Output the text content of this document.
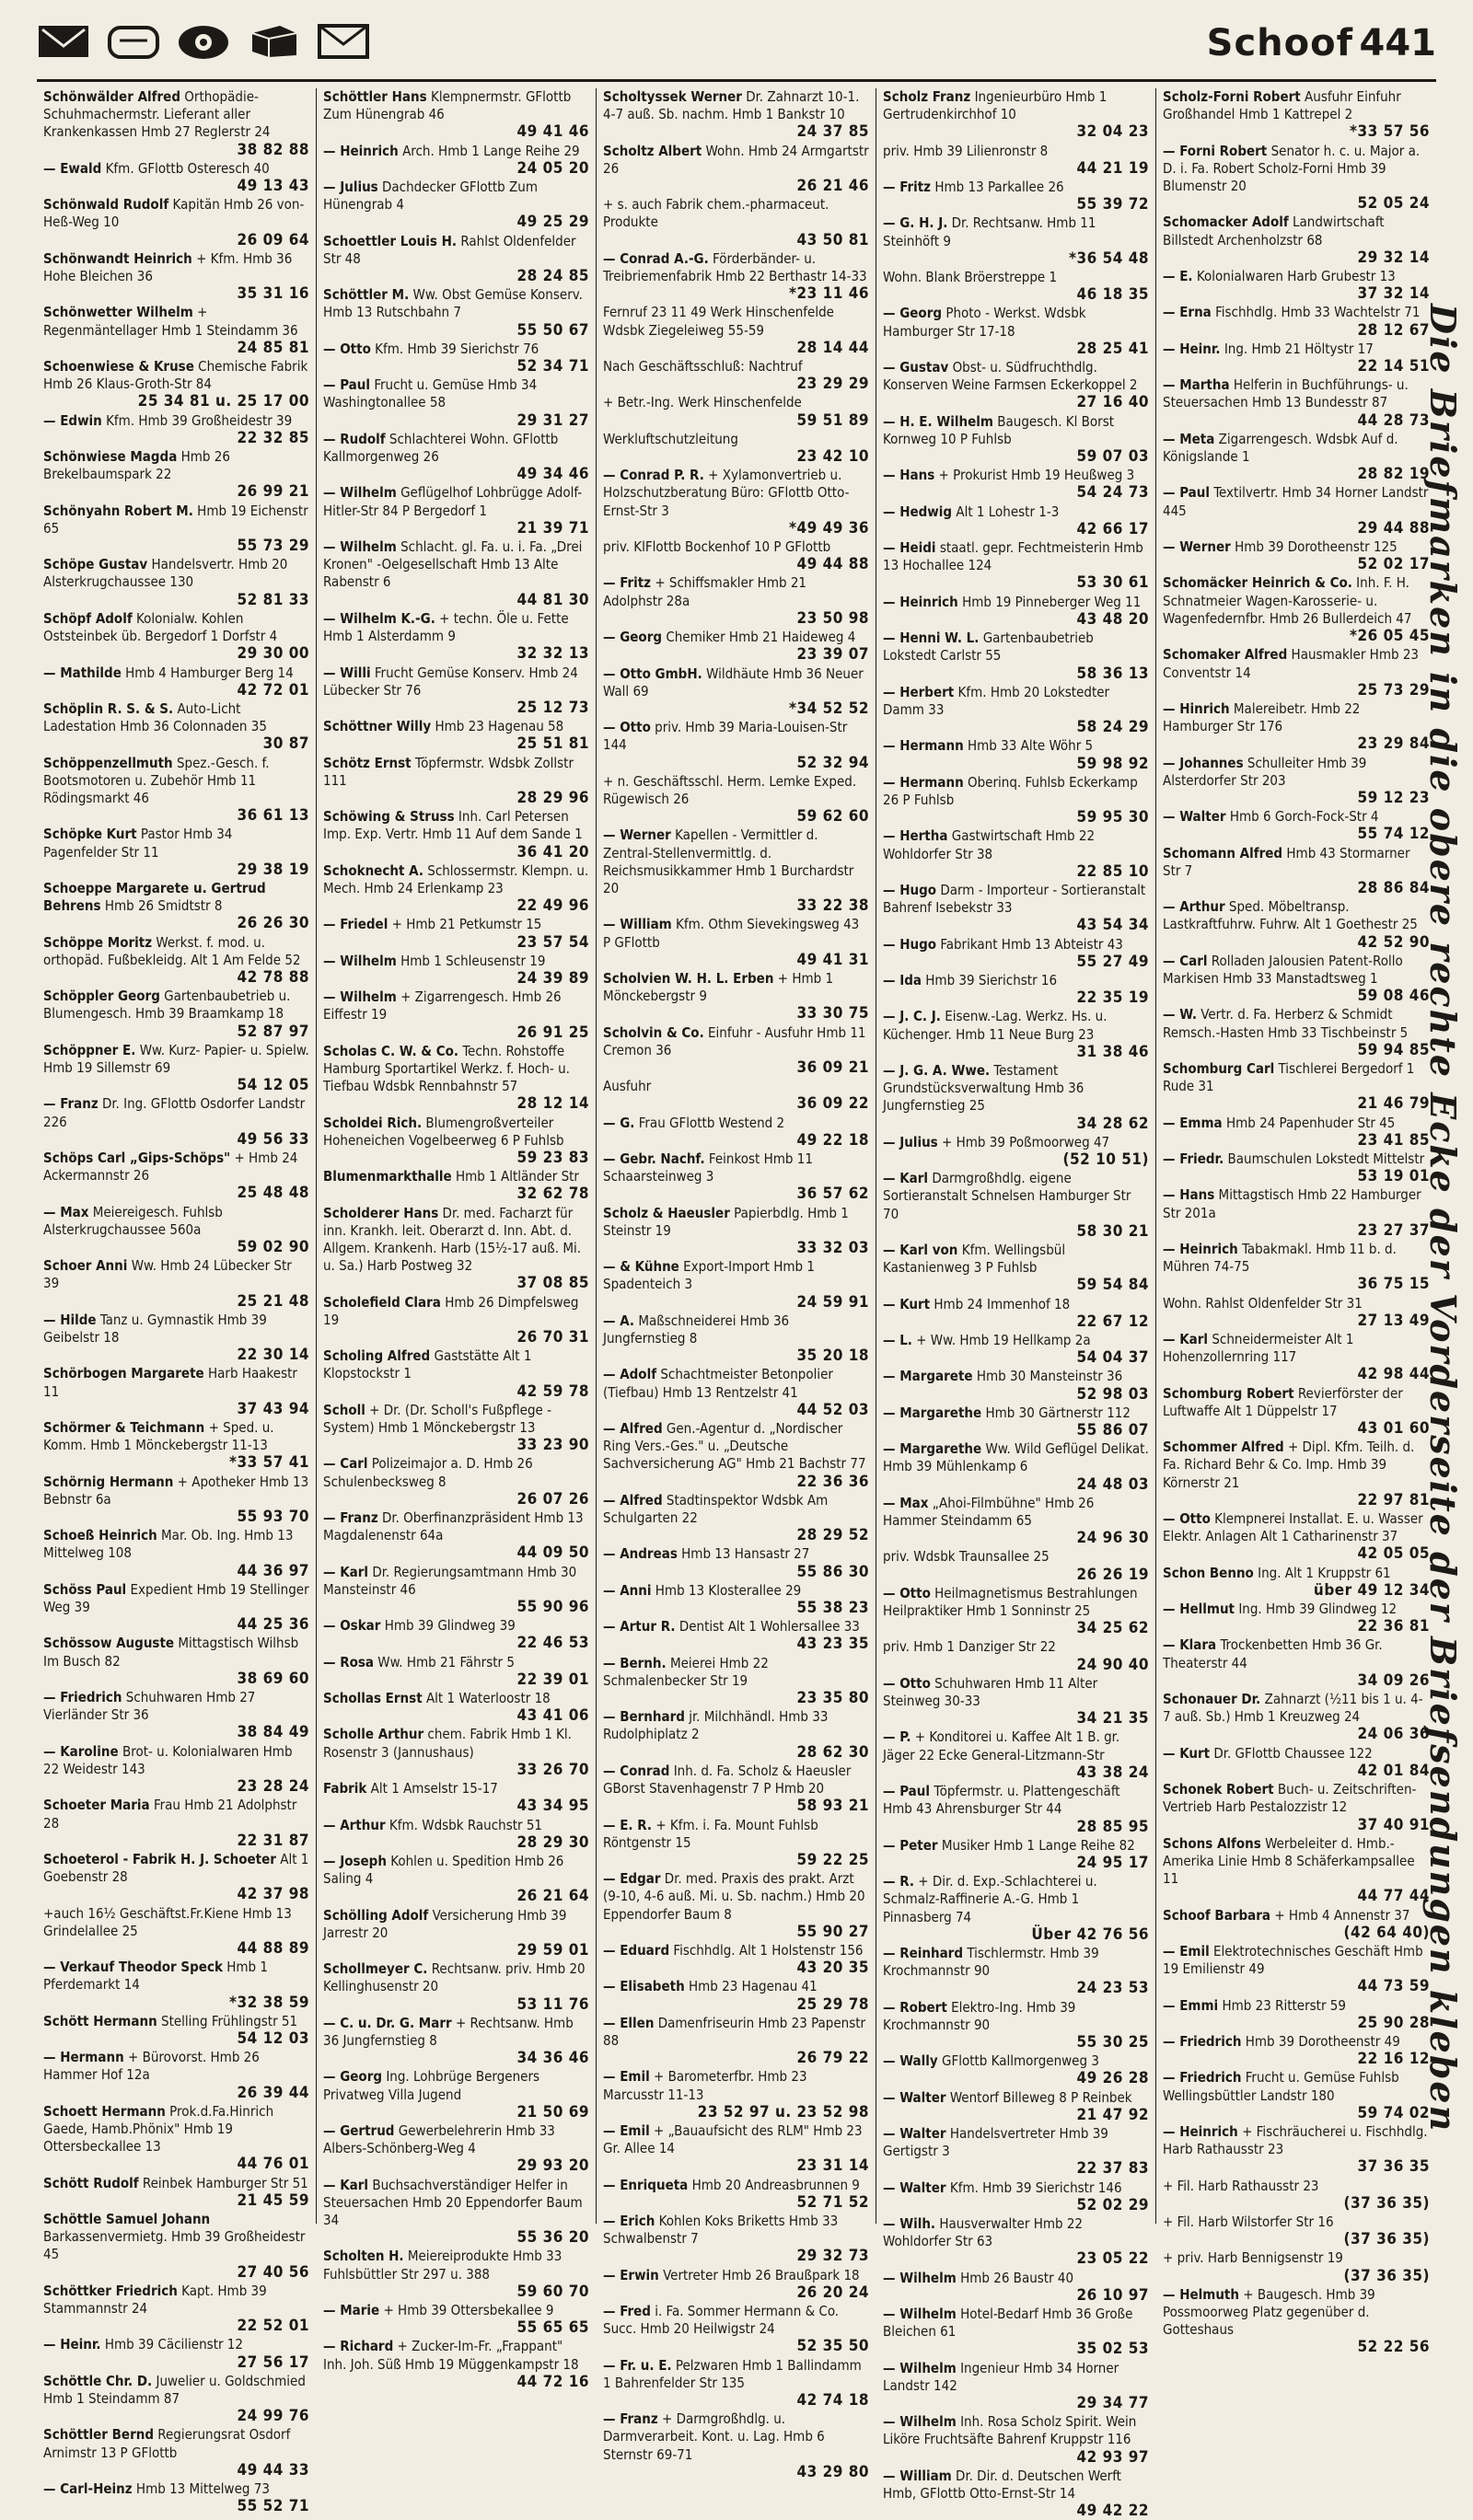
Schoof 441
Schönwälder Alfred Orthopädie-Schuhmachermstr. Lieferant aller Krankenkassen Hmb 27 Reglerstr 24
38 82 88
— Ewald Kfm. GFlottb Osteresch 40
49 13 43
Schönwald Rudolf Kapitän Hmb 26 von-Heß-Weg 10
26 09 64
Schönwandt Heinrich + Kfm. Hmb 36 Hohe Bleichen 36
35 31 16
Schönwetter Wilhelm + Regenmäntellager Hmb 1 Steindamm 36
24 85 81
Schoenwiese & Kruse Chemische Fabrik Hmb 26 Klaus-Groth-Str 84
25 34 81 u. 25 17 00
— Edwin Kfm. Hmb 39 Großheidestr 39
22 32 85
Schönwiese Magda Hmb 26 Brekelbaumspark 22
26 99 21
Schönyahn Robert M. Hmb 19 Eichenstr 65
55 73 29
Schöpe Gustav Handelsvertr. Hmb 20 Alsterkrugchaussee 130
52 81 33
Schöpf Adolf Kolonialw. Kohlen Oststeinbek üb. Bergedorf 1 Dorfstr 4
29 30 00
— Mathilde Hmb 4 Hamburger Berg 14
42 72 01
Schöplin R. S. & S. Auto-Licht Ladestation Hmb 36 Colonnaden 35
30 87
Schöppenzellmuth Spez.-Gesch. f. Bootsmotoren u. Zubehör Hmb 11 Rödingsmarkt 46
36 61 13
Schöpke Kurt Pastor Hmb 34 Pagenfelder Str 11
29 38 19
Schoeppe Margarete u. Gertrud Behrens Hmb 26 Smidtstr 8
26 26 30
Schöppe Moritz Werkst. f. mod. u. orthopäd. Fußbekleidg. Alt 1 Am Felde 52
42 78 88
Schöppler Georg Gartenbaubetrieb u. Blumengesch. Hmb 39 Braamkamp 18
52 87 97
Schöppner E. Ww. Kurz- Papier- u. Spielw. Hmb 19 Sillemstr 69
54 12 05
— Franz Dr. Ing. GFlottb Osdorfer Landstr 226
49 56 33
Schöps Carl „Gips-Schöps" + Hmb 24 Ackermannstr 26
25 48 48
— Max Meiereigesch. Fuhlsb Alsterkrugchaussee 560a
59 02 90
Schoer Anni Ww. Hmb 24 Lübecker Str 39
25 21 48
— Hilde Tanz u. Gymnastik Hmb 39 Geibelstr 18
22 30 14
Schörbogen Margarete Harb Haakestr 11
37 43 94
Schörmer & Teichmann + Sped. u. Komm. Hmb 1 Mönckebergstr 11-13
*33 57 41
Schörnig Hermann + Apotheker Hmb 13 Bebnstr 6a
55 93 70
Schoeß Heinrich Mar. Ob. Ing. Hmb 13 Mittelweg 108
44 36 97
Schöss Paul Expedient Hmb 19 Stellinger Weg 39
44 25 36
Schössow Auguste Mittagstisch Wilhsb Im Busch 82
38 69 60
— Friedrich Schuhwaren Hmb 27 Vierländer Str 36
38 84 49
— Karoline Brot- u. Kolonialwaren Hmb 22 Weidestr 143
23 28 24
Schoeter Maria Frau Hmb 21 Adolphstr 28
22 31 87
Schoeterol - Fabrik H. J. Schoeter Alt 1 Goebenstr 28
42 37 98
+auch 16½ Geschäftst.Fr.Kiene Hmb 13 Grindelallee 25
44 88 89
— Verkauf Theodor Speck Hmb 1 Pferdemarkt 14
*32 38 59
Schött Hermann Stelling Frühlingstr 51
54 12 03
— Hermann + Bürovorst. Hmb 26 Hammer Hof 12a
26 39 44
Schoett Hermann Prok.d.Fa.Hinrich Gaede, Hamb.Phönix" Hmb 19 Ottersbeckallee 13
44 76 01
Schött Rudolf Reinbek Hamburger Str 51
21 45 59
Schöttle Samuel Johann Barkassenvermietg. Hmb 39 Großheidestr 45
27 40 56
Schöttker Friedrich Kapt. Hmb 39 Stammannstr 24
22 52 01
— Heinr. Hmb 39 Cäcilienstr 12
27 56 17
Schöttle Chr. D. Juwelier u. Goldschmied Hmb 1 Steindamm 87
24 99 76
Schöttler Bernd Regierungsrat Osdorf Arnimstr 13 P GFlottb
49 44 33
— Carl-Heinz Hmb 13 Mittelweg 73
55 52 71
Schöttler Hans Klempnermstr. GFlottb Zum Hünengrab 46
49 41 46
— Heinrich Arch. Hmb 1 Lange Reihe 29
24 05 20
— Julius Dachdecker GFlottb Zum Hünengrab 4
49 25 29
Schoettler Louis H. Rahlst Oldenfelder Str 48
28 24 85
Schöttler M. Ww. Obst Gemüse Konserv. Hmb 13 Rutschbahn 7
55 50 67
— Otto Kfm. Hmb 39 Sierichstr 76
52 34 71
— Paul Frucht u. Gemüse Hmb 34 Washingtonallee 58
29 31 27
— Rudolf Schlachterei Wohn. GFlottb Kallmorgenweg 26
49 34 46
— Wilhelm Geflügelhof Lohbrügge Adolf-Hitler-Str 84 P Bergedorf 1
21 39 71
— Wilhelm Schlacht. gl. Fa. u. i. Fa. „Drei Kronen" -Oelgesellschaft Hmb 13 Alte Rabenstr 6
44 81 30
— Wilhelm K.-G. + techn. Öle u. Fette Hmb 1 Alsterdamm 9
32 32 13
— Willi Frucht Gemüse Konserv. Hmb 24 Lübecker Str 76
25 12 73
Schöttner Willy Hmb 23 Hagenau 58
25 51 81
Schötz Ernst Töpfermstr. Wdsbk Zollstr 111
28 29 96
Schöwing & Struss Inh. Carl Petersen Imp. Exp. Vertr. Hmb 11 Auf dem Sande 1
36 41 20
Schoknecht A. Schlossermstr. Klempn. u. Mech. Hmb 24 Erlenkamp 23
22 49 96
— Friedel + Hmb 21 Petkumstr 15
23 57 54
— Wilhelm Hmb 1 Schleusenstr 19
24 39 89
— Wilhelm + Zigarrengesch. Hmb 26 Eiffestr 19
26 91 25
Scholas C. W. & Co. Techn. Rohstoffe Hamburg Sportartikel Werkz. f. Hoch- u. Tiefbau Wdsbk Rennbahnstr 57
28 12 14
Scholdei Rich. Blumengroßverteiler Hoheneichen Vogelbeerweg 6 P Fuhlsb
59 23 83
Blumenmarkthalle Hmb 1 Altländer Str
32 62 78
Scholderer Hans Dr. med. Facharzt für inn. Krankh. leit. Oberarzt d. Inn. Abt. d. Allgem. Krankenh. Harb (15½-17 auß. Mi. u. Sa.) Harb Postweg 32
37 08 85
Scholefield Clara Hmb 26 Dimpfelsweg 19
26 70 31
Scholing Alfred Gaststätte Alt 1 Klopstockstr 1
42 59 78
Scholl + Dr. (Dr. Scholl's Fußpflege - System) Hmb 1 Mönckebergstr 13
33 23 90
— Carl Polizeimajor a. D. Hmb 26 Schulenbecksweg 8
26 07 26
— Franz Dr. Oberfinanzpräsident Hmb 13 Magdalenenstr 64a
44 09 50
— Karl Dr. Regierungsamtmann Hmb 30 Mansteinstr 46
55 90 96
— Oskar Hmb 39 Glindweg 39
22 46 53
— Rosa Ww. Hmb 21 Fährstr 5
22 39 01
Schollas Ernst Alt 1 Waterloostr 18
43 41 06
Scholle Arthur chem. Fabrik Hmb 1 Kl. Rosenstr 3 (Jannushaus)
33 26 70
Fabrik Alt 1 Amselstr 15-17
43 34 95
— Arthur Kfm. Wdsbk Rauchstr 51
28 29 30
— Joseph Kohlen u. Spedition Hmb 26 Saling 4
26 21 64
Schölling Adolf Versicherung Hmb 39 Jarrestr 20
29 59 01
Schollmeyer C. Rechtsanw. priv. Hmb 20 Kellinghusenstr 20
53 11 76
— C. u. Dr. G. Marr + Rechtsanw. Hmb 36 Jungfernstieg 8
34 36 46
— Georg Ing. Lohbrüge Bergeners Privatweg Villa Jugend
21 50 69
— Gertrud Gewerbelehrerin Hmb 33 Albers-Schönberg-Weg 4
29 93 20
— Karl Buchsachverständiger Helfer in Steuersachen Hmb 20 Eppendorfer Baum 34
55 36 20
Scholten H. Meiereiprodukte Hmb 33 Fuhlsbüttler Str 297 u. 388
59 60 70
— Marie + Hmb 39 Ottersbekallee 9
55 65 65
— Richard + Zucker-Im-Fr. „Frappant" Inh. Joh. Süß Hmb 19 Müggenkampstr 18
44 72 16
Scholtyssek Werner Dr. Zahnarzt 10-1. 4-7 auß. Sb. nachm. Hmb 1 Bankstr 10
24 37 85
Scholtz Albert Wohn. Hmb 24 Armgartstr 26
26 21 46
+ s. auch Fabrik chem.-pharmaceut. Produkte
43 50 81
— Conrad A.-G. Förderbänder- u. Treibriemenfabrik Hmb 22 Berthastr 14-33
*23 11 46
Fernruf 23 11 49 Werk Hinschenfelde Wdsbk Ziegeleiweg 55-59
28 14 44
Nach Geschäftsschluß: Nachtruf
23 29 29
+ Betr.-Ing. Werk Hinschenfelde
59 51 89
Werkluftschutzleitung
23 42 10
— Conrad P. R. + Xylamonvertrieb u. Holzschutzberatung Büro: GFlottb Otto-Ernst-Str 3
*49 49 36
priv. KlFlottb Bockenhof 10 P GFlottb
49 44 88
— Fritz + Schiffsmakler Hmb 21 Adolphstr 28a
23 50 98
— Georg Chemiker Hmb 21 Haideweg 4
23 39 07
— Otto GmbH. Wildhäute Hmb 36 Neuer Wall 69
*34 52 52
— Otto priv. Hmb 39 Maria-Louisen-Str 144
52 32 94
+ n. Geschäftsschl. Herm. Lemke Exped. Rügewisch 26
59 62 60
— Werner Kapellen - Vermittler d. Zentral-Stellenvermittlg. d. Reichsmusikkammer Hmb 1 Burchardstr 20
33 22 38
— William Kfm. Othm Sievekingsweg 43 P GFlottb
49 41 31
Scholvien W. H. L. Erben + Hmb 1 Mönckebergstr 9
33 30 75
Scholvin & Co. Einfuhr - Ausfuhr Hmb 11 Cremon 36
36 09 21
Ausfuhr
36 09 22
— G. Frau GFlottb Westend 2
49 22 18
— Gebr. Nachf. Feinkost Hmb 11 Schaarsteinweg 3
36 57 62
Scholz & Haeusler Papierbdlg. Hmb 1 Steinstr 19
33 32 03
— & Kühne Export-Import Hmb 1 Spadenteich 3
24 59 91
— A. Maßschneiderei Hmb 36 Jungfernstieg 8
35 20 18
— Adolf Schachtmeister Betonpolier (Tiefbau) Hmb 13 Rentzelstr 41
44 52 03
— Alfred Gen.-Agentur d. „Nordischer Ring Vers.-Ges." u. „Deutsche Sachversicherung AG" Hmb 21 Bachstr 77
22 36 36
— Alfred Stadtinspektor Wdsbk Am Schulgarten 22
28 29 52
— Andreas Hmb 13 Hansastr 27
55 86 30
— Anni Hmb 13 Klosterallee 29
55 38 23
— Artur R. Dentist Alt 1 Wohlersallee 33
43 23 35
— Bernh. Meierei Hmb 22 Schmalenbecker Str 19
23 35 80
— Bernhard jr. Milchhändl. Hmb 33 Rudolphiplatz 2
28 62 30
— Conrad Inh. d. Fa. Scholz & Haeusler GBorst Stavenhagenstr 7 P Hmb 20
58 93 21
— E. R. + Kfm. i. Fa. Mount Fuhlsb Röntgenstr 15
59 22 25
— Edgar Dr. med. Praxis des prakt. Arzt (9-10, 4-6 auß. Mi. u. Sb. nachm.) Hmb 20 Eppendorfer Baum 8
55 90 27
— Eduard Fischhdlg. Alt 1 Holstenstr 156
43 20 35
— Elisabeth Hmb 23 Hagenau 41
25 29 78
— Ellen Damenfriseurin Hmb 23 Papenstr 88
26 79 22
— Emil + Barometerfbr. Hmb 23 Marcusstr 11-13
23 52 97 u. 23 52 98
— Emil + „Bauaufsicht des RLM" Hmb 23 Gr. Allee 14
23 31 14
— Enriqueta Hmb 20 Andreasbrunnen 9
52 71 52
— Erich Kohlen Koks Briketts Hmb 33 Schwalbenstr 7
29 32 73
— Erwin Vertreter Hmb 26 Braußpark 18
26 20 24
— Fred i. Fa. Sommer Hermann & Co. Succ. Hmb 20 Heilwigstr 24
52 35 50
— Fr. u. E. Pelzwaren Hmb 1 Ballindamm 1 Bahrenfelder Str 135
42 74 18
— Franz + Darmgroßhdlg. u. Darmverarbeit. Kont. u. Lag. Hmb 6 Sternstr 69-71
43 29 80
Scholz Franz Ingenieurbüro Hmb 1 Gertrudenkirchhof 10
32 04 23
priv. Hmb 39 Lilienronstr 8
44 21 19
— Fritz Hmb 13 Parkallee 26
55 39 72
— G. H. J. Dr. Rechtsanw. Hmb 11 Steinhöft 9
*36 54 48
Wohn. Blank Bröerstreppe 1
46 18 35
— Georg Photo - Werkst. Wdsbk Hamburger Str 17-18
28 25 41
— Gustav Obst- u. Südfruchthdlg. Konserven Weine Farmsen Eckerkoppel 2
27 16 40
— H. E. Wilhelm Baugesch. Kl Borst Kornweg 10 P Fuhlsb
59 07 03
— Hans + Prokurist Hmb 19 Heußweg 3
54 24 73
— Hedwig Alt 1 Lohestr 1-3
42 66 17
— Heidi staatl. gepr. Fechtmeisterin Hmb 13 Hochallee 124
53 30 61
— Heinrich Hmb 19 Pinneberger Weg 11
43 48 20
— Henni W. L. Gartenbaubetrieb Lokstedt Carlstr 55
58 36 13
— Herbert Kfm. Hmb 20 Lokstedter Damm 33
58 24 29
— Hermann Hmb 33 Alte Wöhr 5
59 98 92
— Hermann Oberinq. Fuhlsb Eckerkamp 26 P Fuhlsb
59 95 30
— Hertha Gastwirtschaft Hmb 22 Wohldorfer Str 38
22 85 10
— Hugo Darm - Importeur - Sortieranstalt Bahrenf Isebekstr 33
43 54 34
— Hugo Fabrikant Hmb 13 Abteistr 43
55 27 49
— Ida Hmb 39 Sierichstr 16
22 35 19
— J. C. J. Eisenw.-Lag. Werkz. Hs. u. Küchenger. Hmb 11 Neue Burg 23
31 38 46
— J. G. A. Wwe. Testament Grundstücksverwaltung Hmb 36 Jungfernstieg 25
34 28 62
— Julius + Hmb 39 Poßmoorweg 47
(52 10 51)
— Karl Darmgroßhdlg. eigene Sortieranstalt Schnelsen Hamburger Str 70
58 30 21
— Karl von Kfm. Wellingsbül Kastanienweg 3 P Fuhlsb
59 54 84
— Kurt Hmb 24 Immenhof 18
22 67 12
— L. + Ww. Hmb 19 Hellkamp 2a
54 04 37
— Margarete Hmb 30 Mansteinstr 36
52 98 03
— Margarethe Hmb 30 Gärtnerstr 112
55 86 07
— Margarethe Ww. Wild Geflügel Delikat. Hmb 39 Mühlenkamp 6
24 48 03
— Max „Ahoi-Filmbühne" Hmb 26 Hammer Steindamm 65
24 96 30
priv. Wdsbk Traunsallee 25
26 26 19
— Otto Heilmagnetismus Bestrahlungen Heilpraktiker Hmb 1 Sonninstr 25
34 25 62
priv. Hmb 1 Danziger Str 22
24 90 40
— Otto Schuhwaren Hmb 11 Alter Steinweg 30-33
34 21 35
— P. + Konditorei u. Kaffee Alt 1 B. gr. Jäger 22 Ecke General-Litzmann-Str
43 38 24
— Paul Töpfermstr. u. Plattengeschäft Hmb 43 Ahrensburger Str 44
28 85 95
— Peter Musiker Hmb 1 Lange Reihe 82
24 95 17
— R. + Dir. d. Exp.-Schlachterei u. Schmalz-Raffinerie A.-G. Hmb 1 Pinnasberg 74
Über 42 76 56
— Reinhard Tischlermstr. Hmb 39 Krochmannstr 90
24 23 53
— Robert Elektro-Ing. Hmb 39 Krochmannstr 90
55 30 25
— Wally GFlottb Kallmorgenweg 3
49 26 28
— Walter Wentorf Billeweg 8 P Reinbek
21 47 92
— Walter Handelsvertreter Hmb 39 Gertigstr 3
22 37 83
— Walter Kfm. Hmb 39 Sierichstr 146
52 02 29
— Wilh. Hausverwalter Hmb 22 Wohldorfer Str 63
23 05 22
— Wilhelm Hmb 26 Baustr 40
26 10 97
— Wilhelm Hotel-Bedarf Hmb 36 Große Bleichen 61
35 02 53
— Wilhelm Ingenieur Hmb 34 Horner Landstr 142
29 34 77
— Wilhelm Inh. Rosa Scholz Spirit. Wein Liköre Fruchtsäfte Bahrenf Kruppstr 116
42 93 97
— William Dr. Dir. d. Deutschen Werft Hmb, GFlottb Otto-Ernst-Str 14
49 42 22
Scholz-Forni Robert Ausfuhr Einfuhr Großhandel Hmb 1 Kattrepel 2
*33 57 56
— Forni Robert Senator h. c. u. Major a. D. i. Fa. Robert Scholz-Forni Hmb 39 Blumenstr 20
52 05 24
Schomacker Adolf Landwirtschaft Billstedt Archenholzstr 68
29 32 14
— E. Kolonialwaren Harb Grubestr 13
37 32 14
— Erna Fischhdlg. Hmb 33 Wachtelstr 71
28 12 67
— Heinr. Ing. Hmb 21 Höltystr 17
22 14 51
— Martha Helferin in Buchführungs- u. Steuersachen Hmb 13 Bundesstr 87
44 28 73
— Meta Zigarrengesch. Wdsbk Auf d. Königslande 1
28 82 19
— Paul Textilvertr. Hmb 34 Horner Landstr 445
29 44 88
— Werner Hmb 39 Dorotheenstr 125
52 02 17
Schomäcker Heinrich & Co. Inh. F. H. Schnatmeier Wagen-Karosserie- u. Wagenfedernfbr. Hmb 26 Bullerdeich 47
*26 05 45
Schomaker Alfred Hausmakler Hmb 23 Conventstr 14
25 73 29
— Hinrich Malereibetr. Hmb 22 Hamburger Str 176
23 29 84
— Johannes Schulleiter Hmb 39 Alsterdorfer Str 203
59 12 23
— Walter Hmb 6 Gorch-Fock-Str 4
55 74 12
Schomann Alfred Hmb 43 Stormarner Str 7
28 86 84
— Arthur Sped. Möbeltransp. Lastkraftfuhrw. Fuhrw. Alt 1 Goethestr 25
42 52 90
— Carl Rolladen Jalousien Patent-Rollo Markisen Hmb 33 Manstadtsweg 1
59 08 46
— W. Vertr. d. Fa. Herberz & Schmidt Remsch.-Hasten Hmb 33 Tischbeinstr 5
59 94 85
Schomburg Carl Tischlerei Bergedorf 1 Rude 31
21 46 79
— Emma Hmb 24 Papenhuder Str 45
23 41 85
— Friedr. Baumschulen Lokstedt Mittelstr
53 19 01
— Hans Mittagstisch Hmb 22 Hamburger Str 201a
23 27 37
— Heinrich Tabakmakl. Hmb 11 b. d. Mühren 74-75
36 75 15
Wohn. Rahlst Oldenfelder Str 31
27 13 49
— Karl Schneidermeister Alt 1 Hohenzollernring 117
42 98 44
Schomburg Robert Revierförster der Luftwaffe Alt 1 Düppelstr 17
43 01 60
Schommer Alfred + Dipl. Kfm. Teilh. d. Fa. Richard Behr & Co. Imp. Hmb 39 Körnerstr 21
22 97 81
— Otto Klempnerei Installat. E. u. Wasser Elektr. Anlagen Alt 1 Catharinenstr 37
42 05 05
Schon Benno Ing. Alt 1 Kruppstr 61
über 49 12 34
— Hellmut Ing. Hmb 39 Glindweg 12
22 36 81
— Klara Trockenbetten Hmb 36 Gr. Theaterstr 44
34 09 26
Schonauer Dr. Zahnarzt (½11 bis 1 u. 4-7 auß. Sb.) Hmb 1 Kreuzweg 24
24 06 36
— Kurt Dr. GFlottb Chaussee 122
42 01 84
Schonek Robert Buch- u. Zeitschriften-Vertrieb Harb Pestalozzistr 12
37 40 91
Schons Alfons Werbeleiter d. Hmb.-Amerika Linie Hmb 8 Schäferkampsallee 11
44 77 44
Schoof Barbara + Hmb 4 Annenstr 37
(42 64 40)
— Emil Elektrotechnisches Geschäft Hmb 19 Emilienstr 49
44 73 59
— Emmi Hmb 23 Ritterstr 59
25 90 28
— Friedrich Hmb 39 Dorotheenstr 49
22 16 12
— Friedrich Frucht u. Gemüse Fuhlsb Wellingsbüttler Landstr 180
59 74 02
— Heinrich + Fischräucherei u. Fischhdlg. Harb Rathausstr 23
37 36 35
+ Fil. Harb Rathausstr 23
(37 36 35)
+ Fil. Harb Wilstorfer Str 16
(37 36 35)
+ priv. Harb Bennigsenstr 19
(37 36 35)
— Helmuth + Baugesch. Hmb 39 Possmoorweg Platz gegenüber d. Gotteshaus
52 22 56
Die Briefmarken in die obere rechte Ecke der Vorderseite der Briefsendungen kleben
